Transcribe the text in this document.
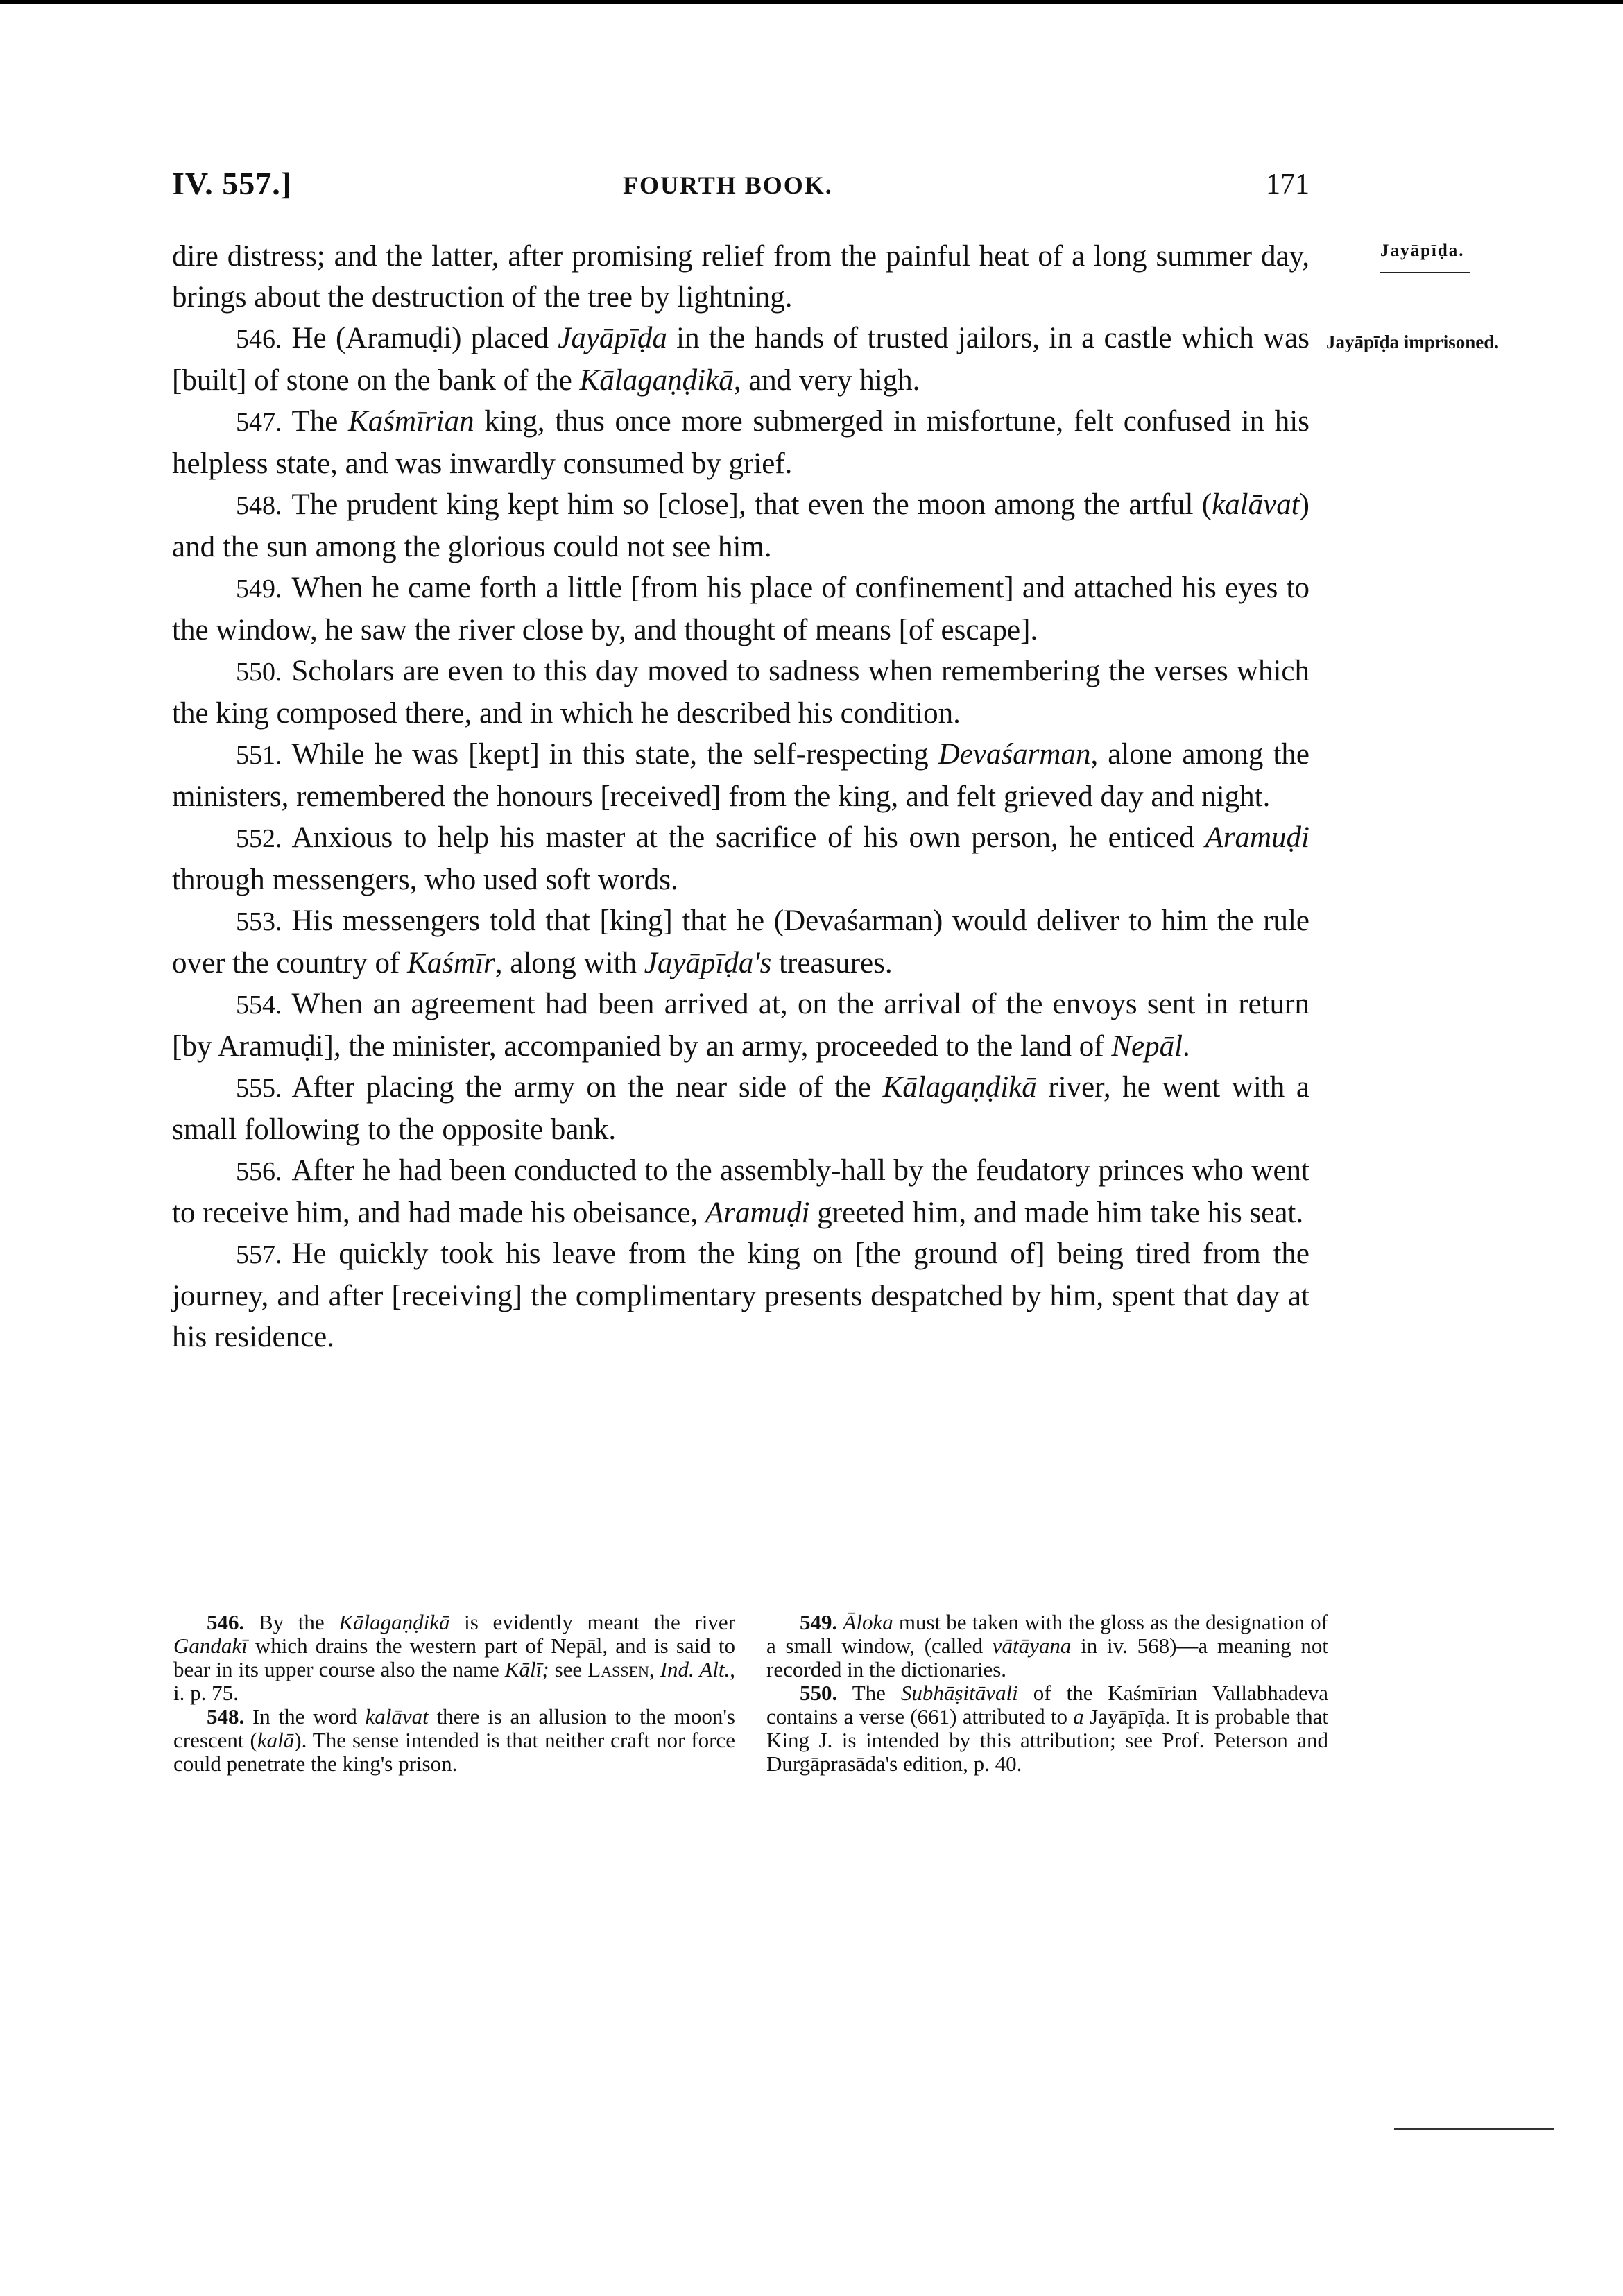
IV. 557.]	FOURTH BOOK.	171
Jayāpīḍa.
Jayāpīḍa imprisoned.

dire distress; and the latter, after promising relief from the painful heat of a long summer day, brings about the destruction of the tree by lightning.

546. He (Aramuḍi) placed Jayāpīḍa in the hands of trusted jailors, in a castle which was [built] of stone on the bank of the Kālagaṇḍikā, and very high.

547. The Kaśmīrian king, thus once more submerged in misfortune, felt confused in his helpless state, and was inwardly consumed by grief.

548. The prudent king kept him so [close], that even the moon among the artful (kalāvat) and the sun among the glorious could not see him.

549. When he came forth a little [from his place of confinement] and attached his eyes to the window, he saw the river close by, and thought of means [of escape].

550. Scholars are even to this day moved to sadness when remembering the verses which the king composed there, and in which he described his condition.

551. While he was [kept] in this state, the self-respecting Devaśarman, alone among the ministers, remembered the honours [received] from the king, and felt grieved day and night.

552. Anxious to help his master at the sacrifice of his own person, he enticed Aramuḍi through messengers, who used soft words.

553. His messengers told that [king] that he (Devaśarman) would deliver to him the rule over the country of Kaśmīr, along with Jayāpīḍa's treasures.

554. When an agreement had been arrived at, on the arrival of the envoys sent in return [by Aramuḍi], the minister, accompanied by an army, proceeded to the land of Nepāl.

555. After placing the army on the near side of the Kālagaṇḍikā river, he went with a small following to the opposite bank.

556. After he had been conducted to the assembly-hall by the feudatory princes who went to receive him, and had made his obeisance, Aramuḍi greeted him, and made him take his seat.

557. He quickly took his leave from the king on [the ground of] being tired from the journey, and after [receiving] the complimentary presents despatched by him, spent that day at his residence.

546. By the Kālagaṇḍikā is evidently meant the river Gandakī which drains the western part of Nepāl, and is said to bear in its upper course also the name Kālī; see Lassen, Ind. Alt., i. p. 75.

548. In the word kalāvat there is an allusion to the moon's crescent (kalā). The sense intended is that neither craft nor force could penetrate the king's prison.

549. Āloka must be taken with the gloss as the designation of a small window, (called vātāyana in iv. 568)—a meaning not recorded in the dictionaries.

550. The Subhāṣitāvali of the Kaśmīrian Vallabhadeva contains a verse (661) attributed to a Jayāpīḍa. It is probable that King J. is intended by this attribution; see Prof. Peterson and Durgāprasāda's edition, p. 40.
